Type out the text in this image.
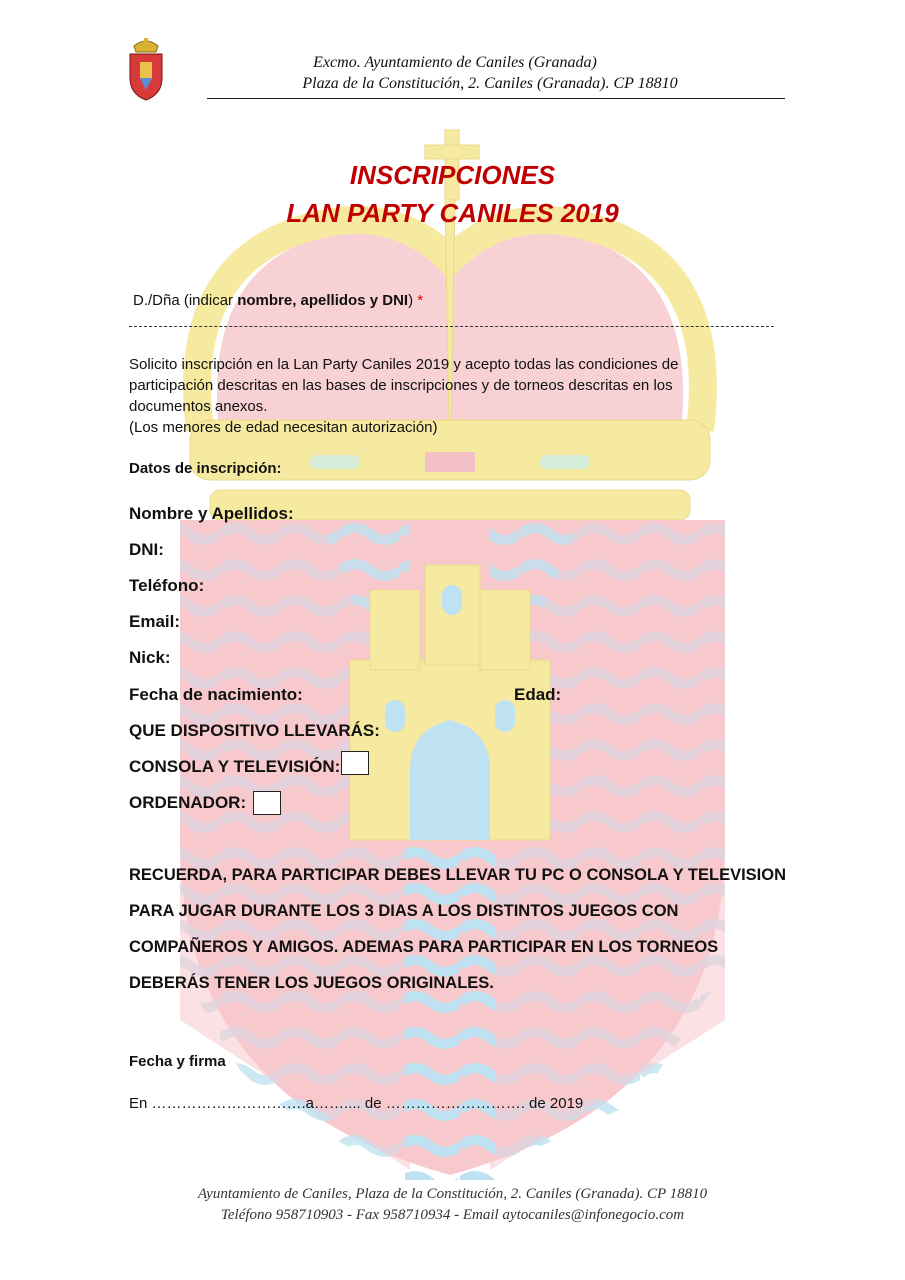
Excmo. Ayuntamiento de Caniles (Granada)
Plaza de la Constitución, 2. Caniles (Granada). CP 18810
INSCRIPCIONES
LAN PARTY CANILES 2019
D./Dña (indicar nombre, apellidos y DNI) *
Solicito inscripción en la Lan Party Caniles 2019 y acepto todas las condiciones de
participación descritas en las bases de inscripciones y de torneos descritas en los
documentos anexos.
(Los menores de edad necesitan autorización)
Datos de inscripción:
Nombre y Apellidos:
DNI:
Teléfono:
Email:
Nick:
Fecha de nacimiento:	Edad:
QUE DISPOSITIVO LLEVARÁS:
CONSOLA Y TELEVISIÓN:
ORDENADOR:
RECUERDA, PARA PARTICIPAR DEBES LLEVAR TU PC O CONSOLA Y TELEVISION
PARA JUGAR DURANTE LOS 3 DIAS A LOS DISTINTOS JUEGOS CON
COMPAÑEROS Y AMIGOS. ADEMAS PARA PARTICIPAR EN LOS TORNEOS
DEBERÁS TENER LOS JUEGOS ORIGINALES.
Fecha y firma
En ………………………….a…….... de ………………………. de 2019
Ayuntamiento de Caniles, Plaza de la Constitución, 2. Caniles (Granada). CP 18810
Teléfono 958710903 - Fax 958710934 - Email aytocaniles@infonegocio.com
